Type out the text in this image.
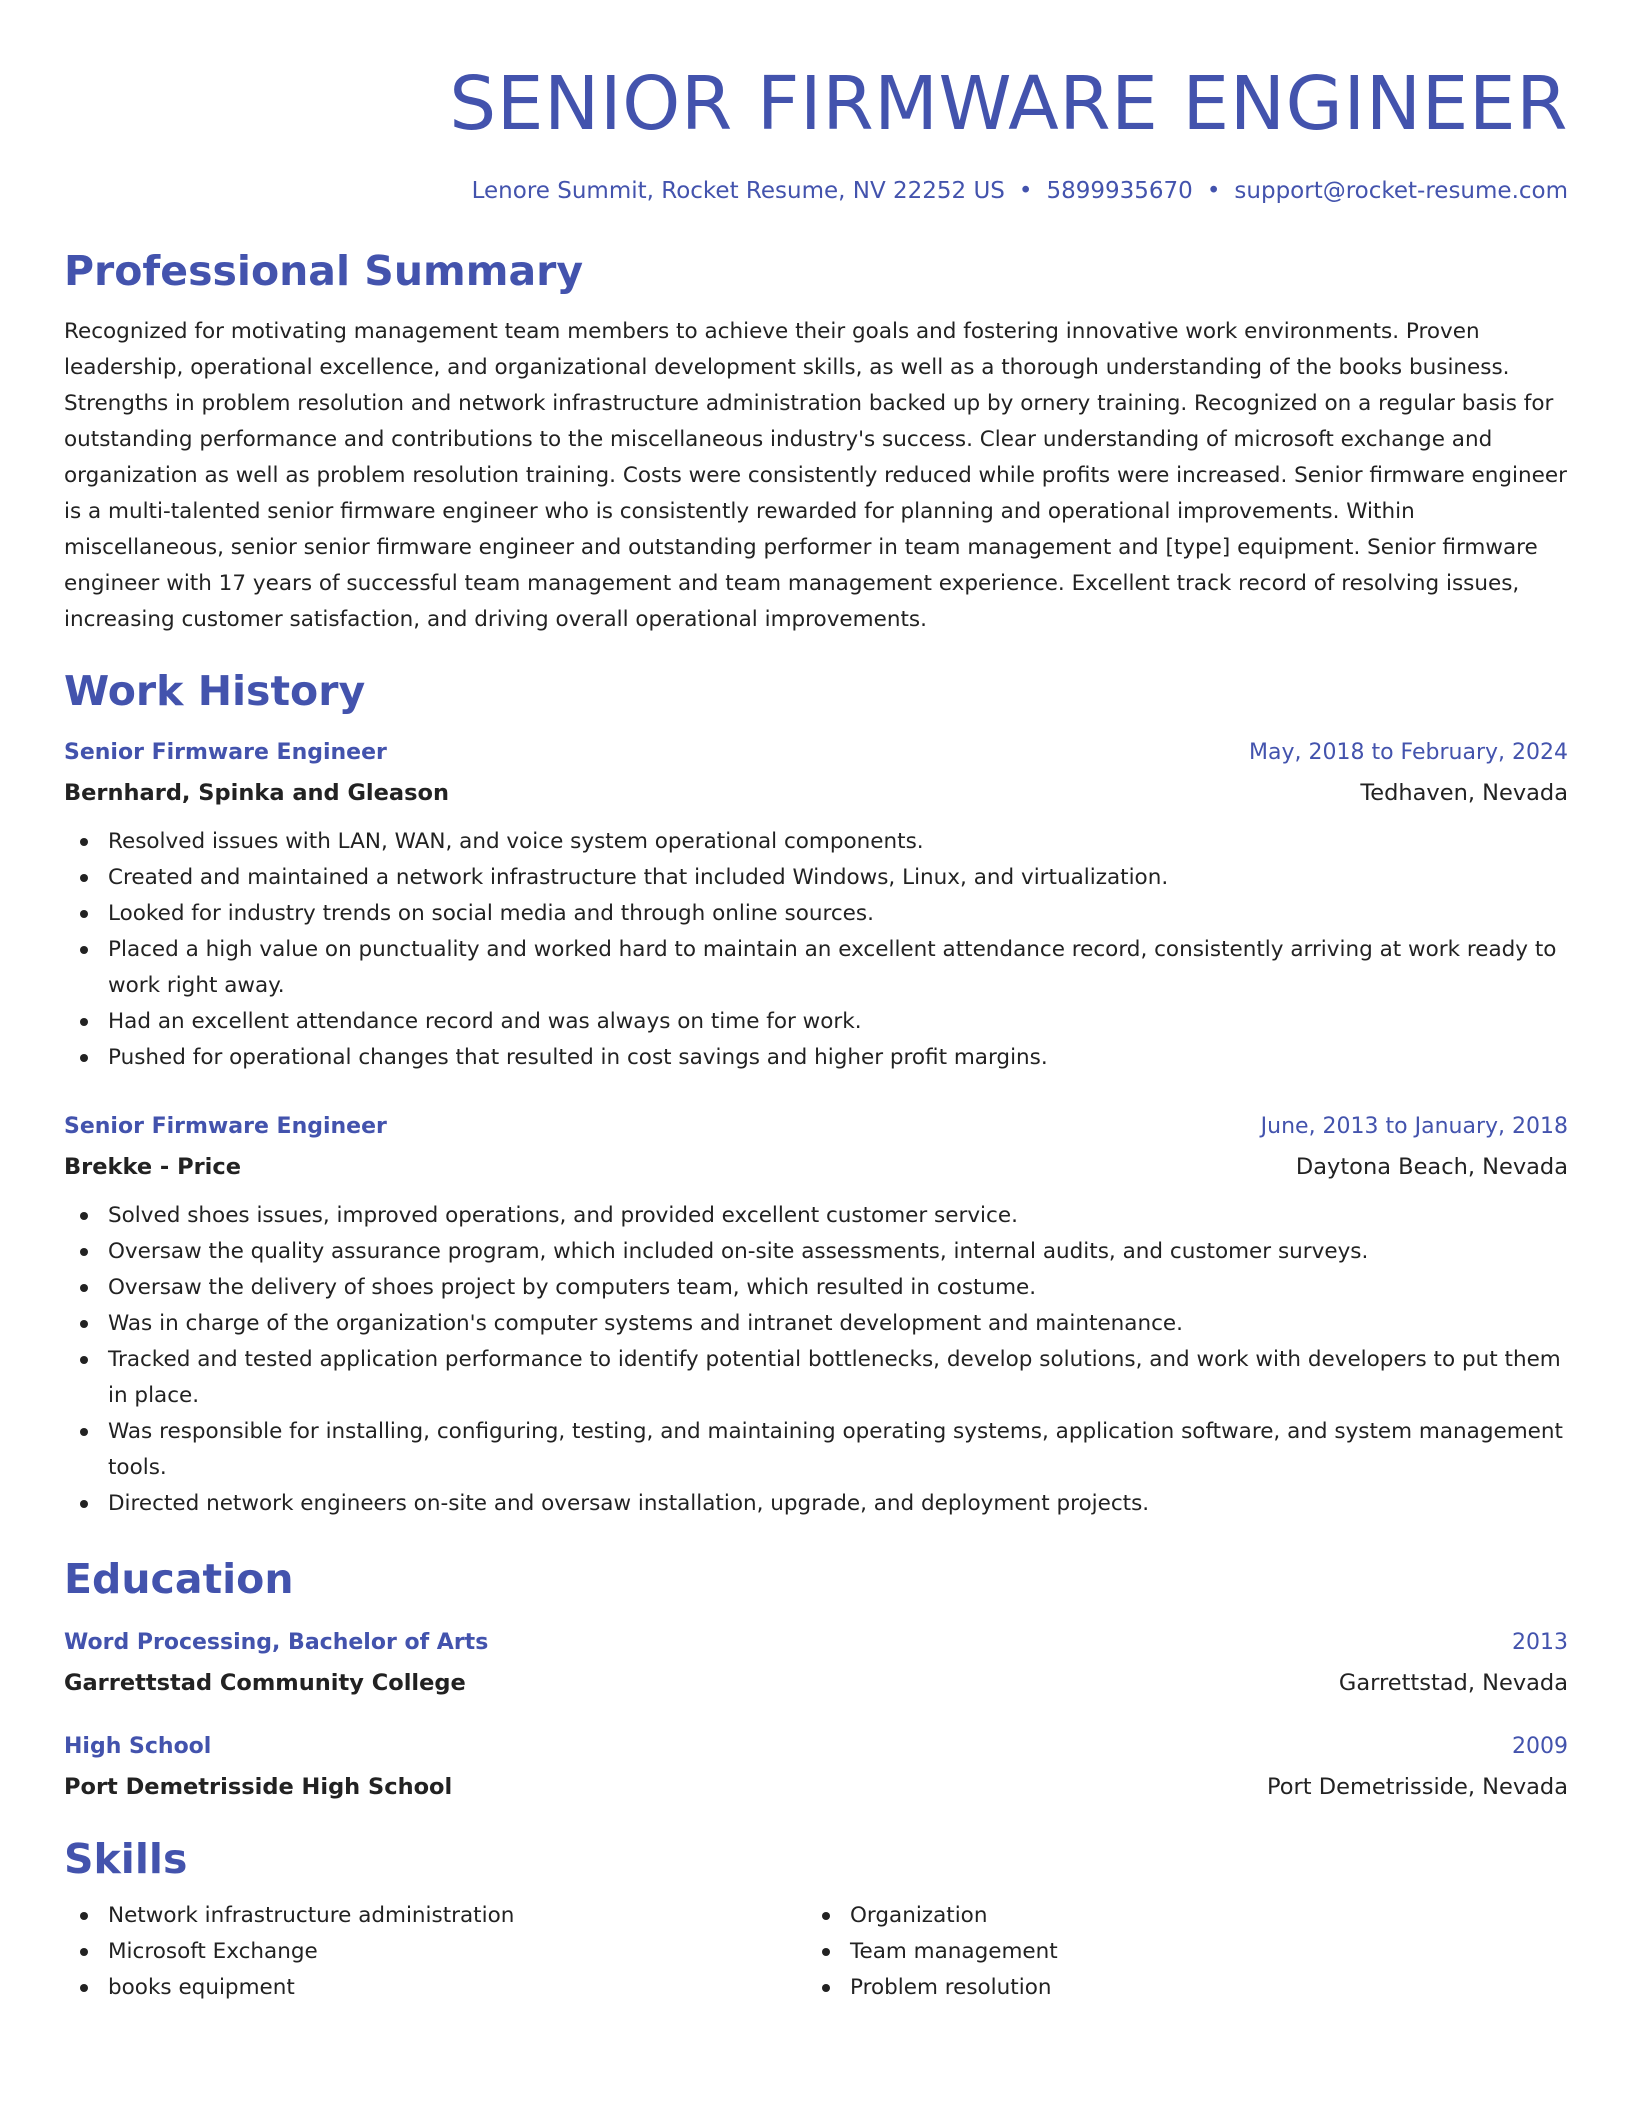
SENIOR FIRMWARE ENGINEER
Lenore Summit, Rocket Resume, NV 22252 US • 5899935670 • support@rocket-resume.com
Professional Summary

Recognized for motivating management team members to achieve their goals and fostering innovative work environments. Proven leadership, operational excellence, and organizational development skills, as well as a thorough understanding of the books business. Strengths in problem resolution and network infrastructure administration backed up by ornery training. Recognized on a regular basis for outstanding performance and contributions to the miscellaneous industry's success. Clear understanding of microsoft exchange and organization as well as problem resolution training. Costs were consistently reduced while profits were increased. Senior firmware engineer is a multi-talented senior firmware engineer who is consistently rewarded for planning and operational improvements. Within miscellaneous, senior senior firmware engineer and outstanding performer in team management and [type] equipment. Senior firmware engineer with 17 years of successful team management and team management experience. Excellent track record of resolving issues, increasing customer satisfaction, and driving overall operational improvements.

Work History
Senior Firmware Engineer	May, 2018 to February, 2024
Bernhard, Spinka and Gleason	Tedhaven, Nevada
Resolved issues with LAN, WAN, and voice system operational components.
Created and maintained a network infrastructure that included Windows, Linux, and virtualization.
Looked for industry trends on social media and through online sources.
Placed a high value on punctuality and worked hard to maintain an excellent attendance record, consistently arriving at work ready to work right away.
Had an excellent attendance record and was always on time for work.
Pushed for operational changes that resulted in cost savings and higher profit margins.
Senior Firmware Engineer	June, 2013 to January, 2018
Brekke - Price	Daytona Beach, Nevada
Solved shoes issues, improved operations, and provided excellent customer service.
Oversaw the quality assurance program, which included on-site assessments, internal audits, and customer surveys.
Oversaw the delivery of shoes project by computers team, which resulted in costume.
Was in charge of the organization's computer systems and intranet development and maintenance.
Tracked and tested application performance to identify potential bottlenecks, develop solutions, and work with developers to put them in place.
Was responsible for installing, configuring, testing, and maintaining operating systems, application software, and system management tools.
Directed network engineers on-site and oversaw installation, upgrade, and deployment projects.
Education
Word Processing, Bachelor of Arts	2013
Garrettstad Community College	Garrettstad, Nevada
High School	2009
Port Demetrisside High School	Port Demetrisside, Nevada
Skills
Network infrastructure administration
Microsoft Exchange
books equipment
Organization
Team management
Problem resolution
